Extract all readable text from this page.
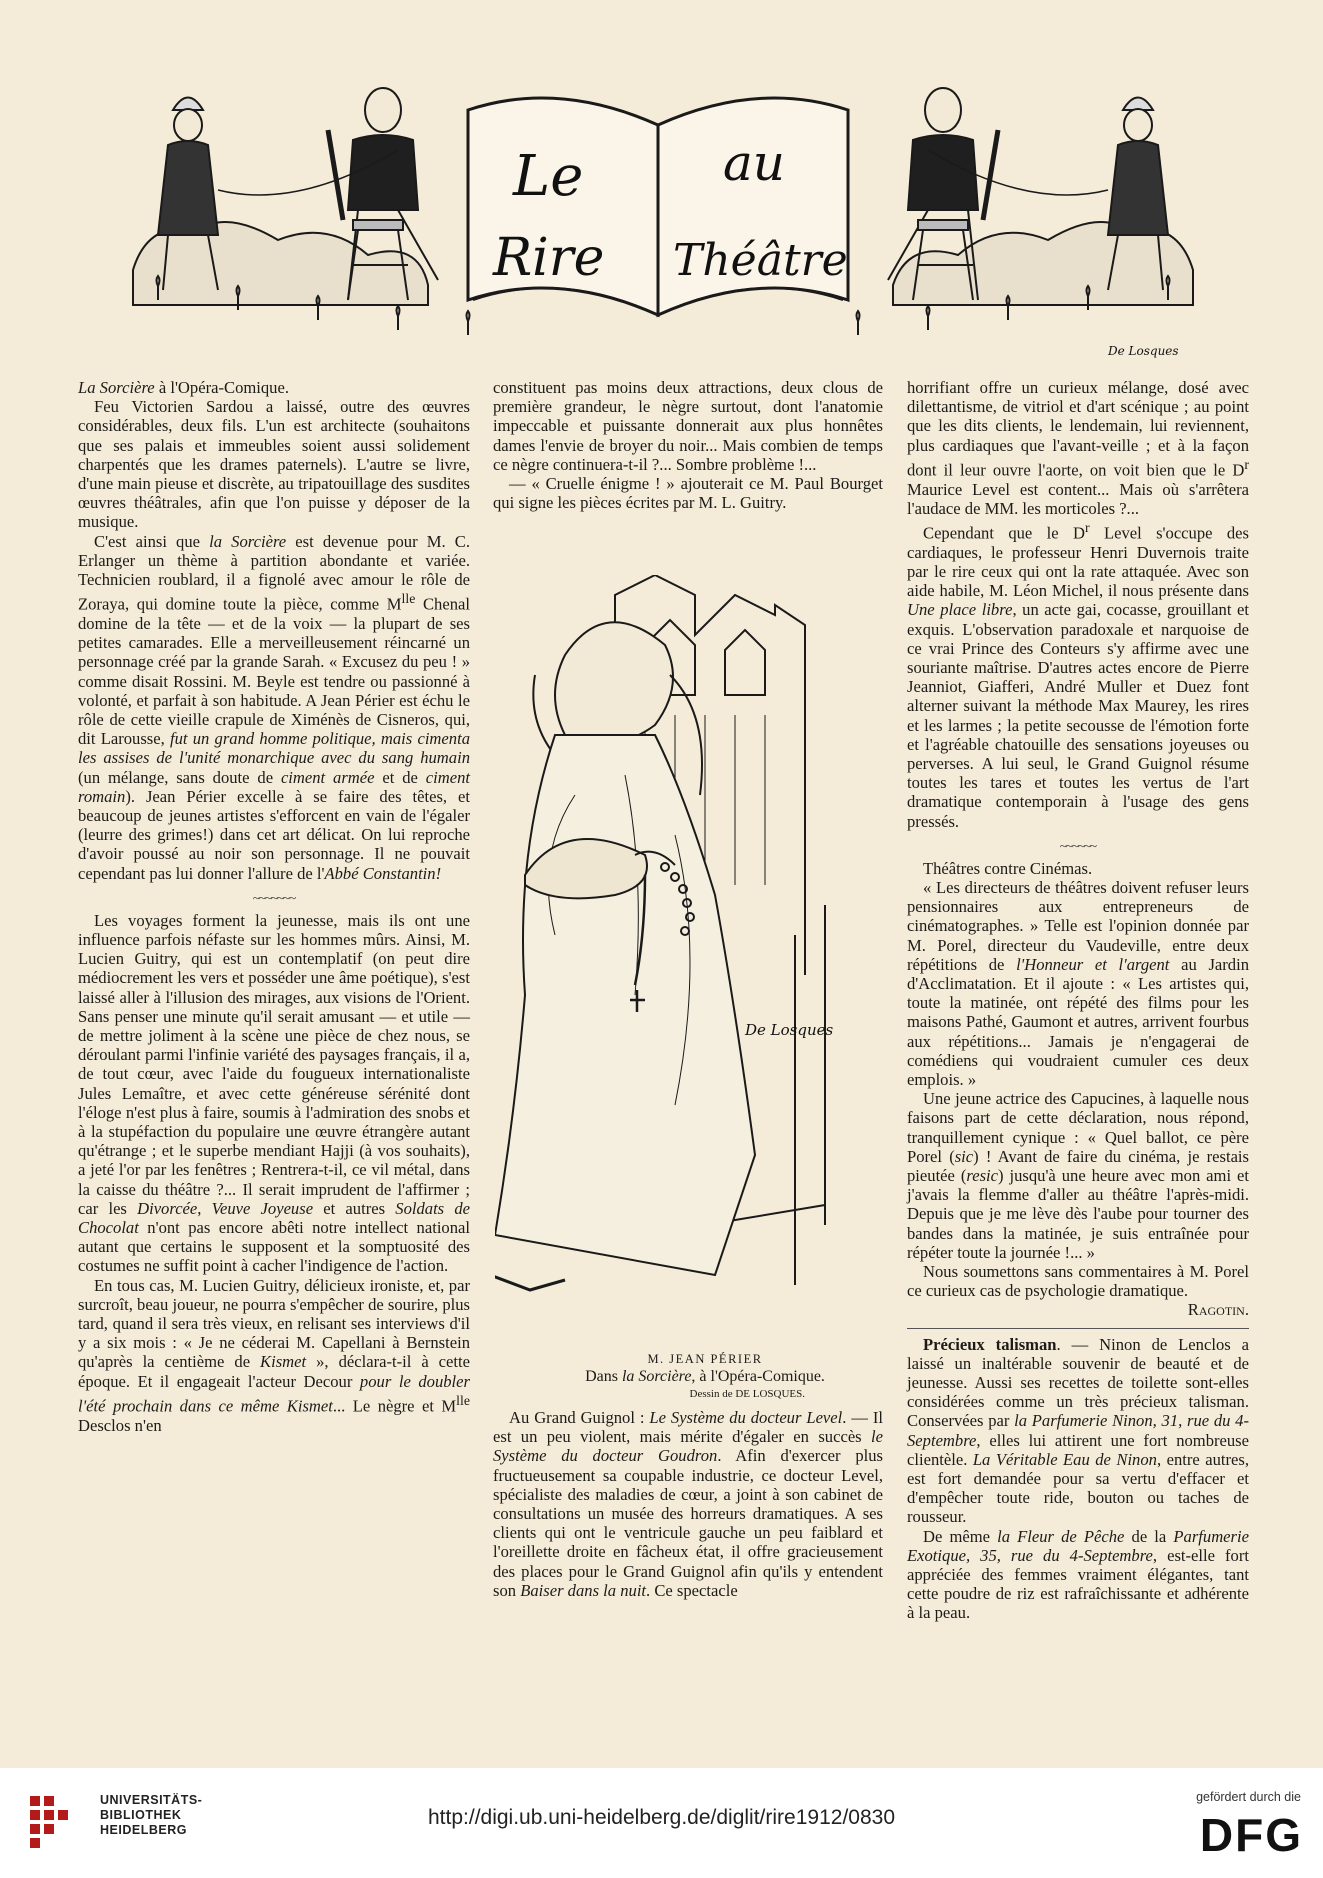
Le
Rire
au
Théâtre
De Losques

La Sorcière à l'Opéra-Comique.

Feu Victorien Sardou a laissé, outre des œuvres considérables, deux fils. L'un est architecte (souhaitons que ses palais et immeubles soient aussi solidement charpentés que les drames paternels). L'autre se livre, d'une main pieuse et discrète, au tripatouillage des susdites œuvres théâtrales, afin que l'on puisse y déposer de la musique.

C'est ainsi que la Sorcière est devenue pour M. C. Erlanger un thème à partition abondante et variée. Technicien roublard, il a fignolé avec amour le rôle de Zoraya, qui domine toute la pièce, comme $M^{lle}$ Chenal domine de la tête — et de la voix — la plupart de ses petites camarades. Elle a merveilleusement réincarné un personnage créé par la grande Sarah. « Excusez du peu ! » comme disait Rossini. M. Beyle est tendre ou passionné à volonté, et parfait à son habitude. A Jean Périer est échu le rôle de cette vieille crapule de Ximénès de Cisneros, qui, dit Larousse, fut un grand homme politique, mais cimenta les assises de l'unité monarchique avec du sang humain (un mélange, sans doute de ciment armée et de ciment romain). Jean Périer excelle à se faire des têtes, et beaucoup de jeunes artistes s'efforcent en vain de l'égaler (leurre des grimes!) dans cet art délicat. On lui reproche d'avoir poussé au noir son personnage. Il ne pouvait cependant pas lui donner l'allure de l'Abbé Constantin!

~~~~~~~

Les voyages forment la jeunesse, mais ils ont une influence parfois néfaste sur les hommes mûrs. Ainsi, M. Lucien Guitry, qui est un contemplatif (on peut dire médiocrement les vers et posséder une âme poétique), s'est laissé aller à l'illusion des mirages, aux visions de l'Orient. Sans penser une minute qu'il serait amusant — et utile — de mettre joliment à la scène une pièce de chez nous, se déroulant parmi l'infinie variété des paysages français, il a, de tout cœur, avec l'aide du fougueux internationaliste Jules Lemaître, et avec cette généreuse sérénité dont l'éloge n'est plus à faire, soumis à l'admiration des snobs et à la stupéfaction du populaire une œuvre étrangère autant qu'étrange ; et le superbe mendiant Hajji (à vos souhaits), a jeté l'or par les fenêtres ; Rentrera-t-il, ce vil métal, dans la caisse du théâtre ?... Il serait imprudent de l'affirmer ; car les Divorcée, Veuve Joyeuse et autres Soldats de Chocolat n'ont pas encore abêti notre intellect national autant que certains le supposent et la somptuosité des costumes ne suffit point à cacher l'indigence de l'action.

En tous cas, M. Lucien Guitry, délicieux ironiste, et, par surcroît, beau joueur, ne pourra s'empêcher de sourire, plus tard, quand il sera très vieux, en relisant ses interviews d'il y a six mois : « Je ne céderai M. Capellani à Bernstein qu'après la centième de Kismet », déclara-t-il à cette époque. Et il engageait l'acteur Decour pour le doubler l'été prochain dans ce même Kismet... Le nègre et $M^{lle}$ Desclos n'en

constituent pas moins deux attractions, deux clous de première grandeur, le nègre surtout, dont l'anatomie impeccable et puissante donnerait aux plus honnêtes dames l'envie de broyer du noir... Mais combien de temps ce nègre continuera-t-il ?... Sombre problème !...

— « Cruelle énigme ! » ajouterait ce M. Paul Bourget qui signe les pièces écrites par M. L. Guitry.

De Losques
M. JEAN PÉRIER
Dans la Sorcière, à l'Opéra-Comique.
Dessin de DE LOSQUES.

Au Grand Guignol : Le Système du docteur Level. — Il est un peu violent, mais mérite d'égaler en succès le Système du docteur Goudron. Afin d'exercer plus fructueusement sa coupable industrie, ce docteur Level, spécialiste des maladies de cœur, a joint à son cabinet de consultations un musée des horreurs dramatiques. A ses clients qui ont le ventricule gauche un peu faiblard et l'oreillette droite en fâcheux état, il offre gracieusement des places pour le Grand Guignol afin qu'ils y entendent son Baiser dans la nuit. Ce spectacle

horrifiant offre un curieux mélange, dosé avec dilettantisme, de vitriol et d'art scénique ; au point que les dits clients, le lendemain, lui reviennent, plus cardiaques que l'avant-veille ; et à la façon dont il leur ouvre l'aorte, on voit bien que le $D^r$ Maurice Level est content... Mais où s'arrêtera l'audace de MM. les morticoles ?...

Cependant que le $D^r$ Level s'occupe des cardiaques, le professeur Henri Duvernois traite par le rire ceux qui ont la rate attaquée. Avec son aide habile, M. Léon Michel, il nous présente dans Une place libre, un acte gai, cocasse, grouillant et exquis. L'observation paradoxale et narquoise de ce vrai Prince des Conteurs s'y affirme avec une souriante maîtrise. D'autres actes encore de Pierre Jeanniot, Giafferi, André Muller et Duez font alterner suivant la méthode Max Maurey, les rires et les larmes ; la petite secousse de l'émotion forte et l'agréable chatouille des sensations joyeuses ou perverses. A lui seul, le Grand Guignol résume toutes les tares et toutes les vertus de l'art dramatique contemporain à l'usage des gens pressés.

~~~~~~

Théâtres contre Cinémas.

« Les directeurs de théâtres doivent refuser leurs pensionnaires aux entrepreneurs de cinématographes. » Telle est l'opinion donnée par M. Porel, directeur du Vaudeville, entre deux répétitions de l'Honneur et l'argent au Jardin d'Acclimatation. Et il ajoute : « Les artistes qui, toute la matinée, ont répété des films pour les maisons Pathé, Gaumont et autres, arrivent fourbus aux répétitions... Jamais je n'engagerai de comédiens qui voudraient cumuler ces deux emplois. »

Une jeune actrice des Capucines, à laquelle nous faisons part de cette déclaration, nous répond, tranquillement cynique : « Quel ballot, ce père Porel (sic) ! Avant de faire du cinéma, je restais pieutée (resic) jusqu'à une heure avec mon ami et j'avais la flemme d'aller au théâtre l'après-midi. Depuis que je me lève dès l'aube pour tourner des bandes dans la matinée, je suis entraînée pour répéter toute la journée !... »

Nous soumettons sans commentaires à M. Porel ce curieux cas de psychologie dramatique.
Ragotin.

Précieux talisman. — Ninon de Lenclos a laissé un inaltérable souvenir de beauté et de jeunesse. Aussi ses recettes de toilette sont-elles considérées comme un très précieux talisman. Conservées par la Parfumerie Ninon, 31, rue du 4-Septembre, elles lui attirent une fort nombreuse clientèle. La Véritable Eau de Ninon, entre autres, est fort demandée pour sa vertu d'effacer et d'empêcher toute ride, bouton ou taches de rousseur.

De même la Fleur de Pêche de la Parfumerie Exotique, 35, rue du 4-Septembre, est-elle fort appréciée des femmes vraiment élégantes, tant cette poudre de riz est rafraîchissante et adhérente à la peau.

UNIVERSITÄTS-
BIBLIOTHEK
HEIDELBERG
http://digi.ub.uni-heidelberg.de/diglit/rire1912/0830
gefördert durch die
DFG
